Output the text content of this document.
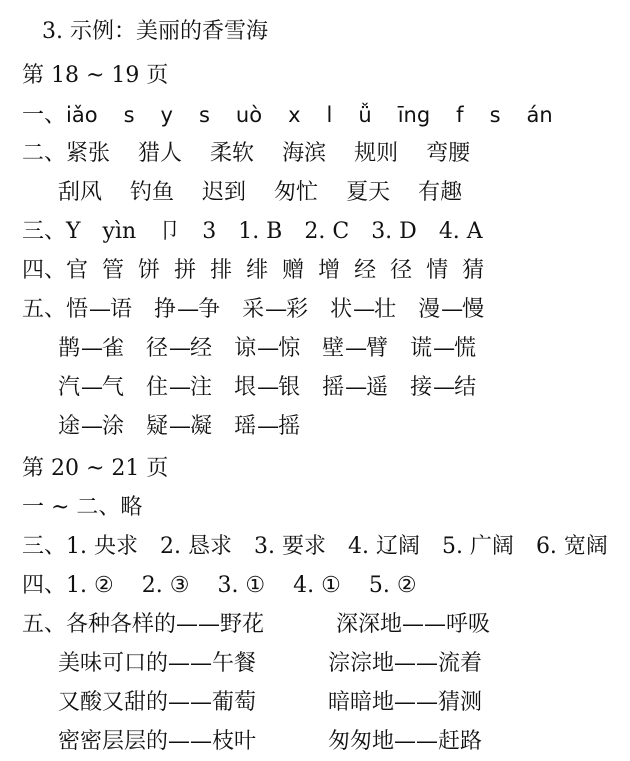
3. 示例：美丽的香雪海
第 18 ~ 19 页
一、iǎo s y s uò x l ǚ īng f s án
二、紧张 猎人 柔软 海滨 规则 弯腰
刮风 钓鱼 迟到 匆忙 夏天 有趣
三、Y yìn 卩 3 1. B 2. C 3. D 4. A
四、官 管 饼 拼 排 绯 赠 增 经 径 情 猜
五、悟—语 挣—争 采—彩 状—壮 漫—慢
鹊—雀 径—经 谅—惊 壁—臂 谎—慌
汽—气 住—注 垠—银 摇—遥 接—结
途—涂 疑—凝 瑶—摇
第 20 ~ 21 页
一 ~ 二、略
三、1. 央求 2. 恳求 3. 要求 4. 辽阔 5. 广阔 6. 宽阔
四、1. ② 2. ③ 3. ① 4. ① 5. ②
五、各种各样的——野花	深深地——呼吸
美味可口的——午餐	淙淙地——流着
又酸又甜的——葡萄	暗暗地——猜测
密密层层的——枝叶	匆匆地——赶路
